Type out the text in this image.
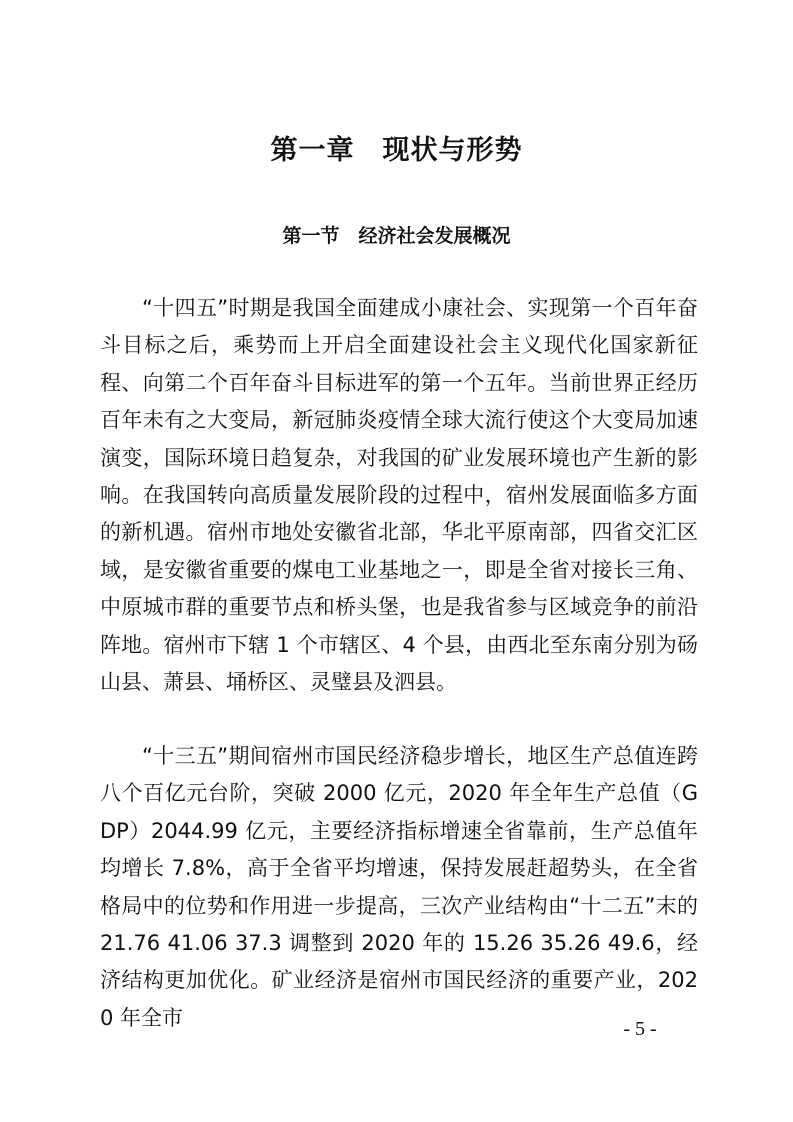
第一章　现状与形势
第一节　经济社会发展概况

“十四五”时期是我国全面建成小康社会、实现第一个百年奋斗目标之后，乘势而上开启全面建设社会主义现代化国家新征程、向第二个百年奋斗目标进军的第一个五年。当前世界正经历百年未有之大变局，新冠肺炎疫情全球大流行使这个大变局加速演变，国际环境日趋复杂，对我国的矿业发展环境也产生新的影响。在我国转向高质量发展阶段的过程中，宿州发展面临多方面的新机遇。宿州市地处安徽省北部，华北平原南部，四省交汇区域，是安徽省重要的煤电工业基地之一，即是全省对接长三角、中原城市群的重要节点和桥头堡，也是我省参与区域竞争的前沿阵地。宿州市下辖 1 个市辖区、4 个县，由西北至东南分别为砀山县、萧县、埇桥区、灵璧县及泗县。

“十三五”期间宿州市国民经济稳步增长，地区生产总值连跨八个百亿元台阶，突破 2000 亿元，2020 年全年生产总值（GDP）2044.99 亿元，主要经济指标增速全省靠前，生产总值年均增长 7.8%，高于全省平均增速，保持发展赶超势头，在全省格局中的位势和作用进一步提高，三次产业结构由“十二五”末的 21.76 41.06 37.3 调整到 2020 年的 15.26 35.26 49.6，经济结构更加优化。矿业经济是宿州市国民经济的重要产业，2020 年全市	- 5 -
